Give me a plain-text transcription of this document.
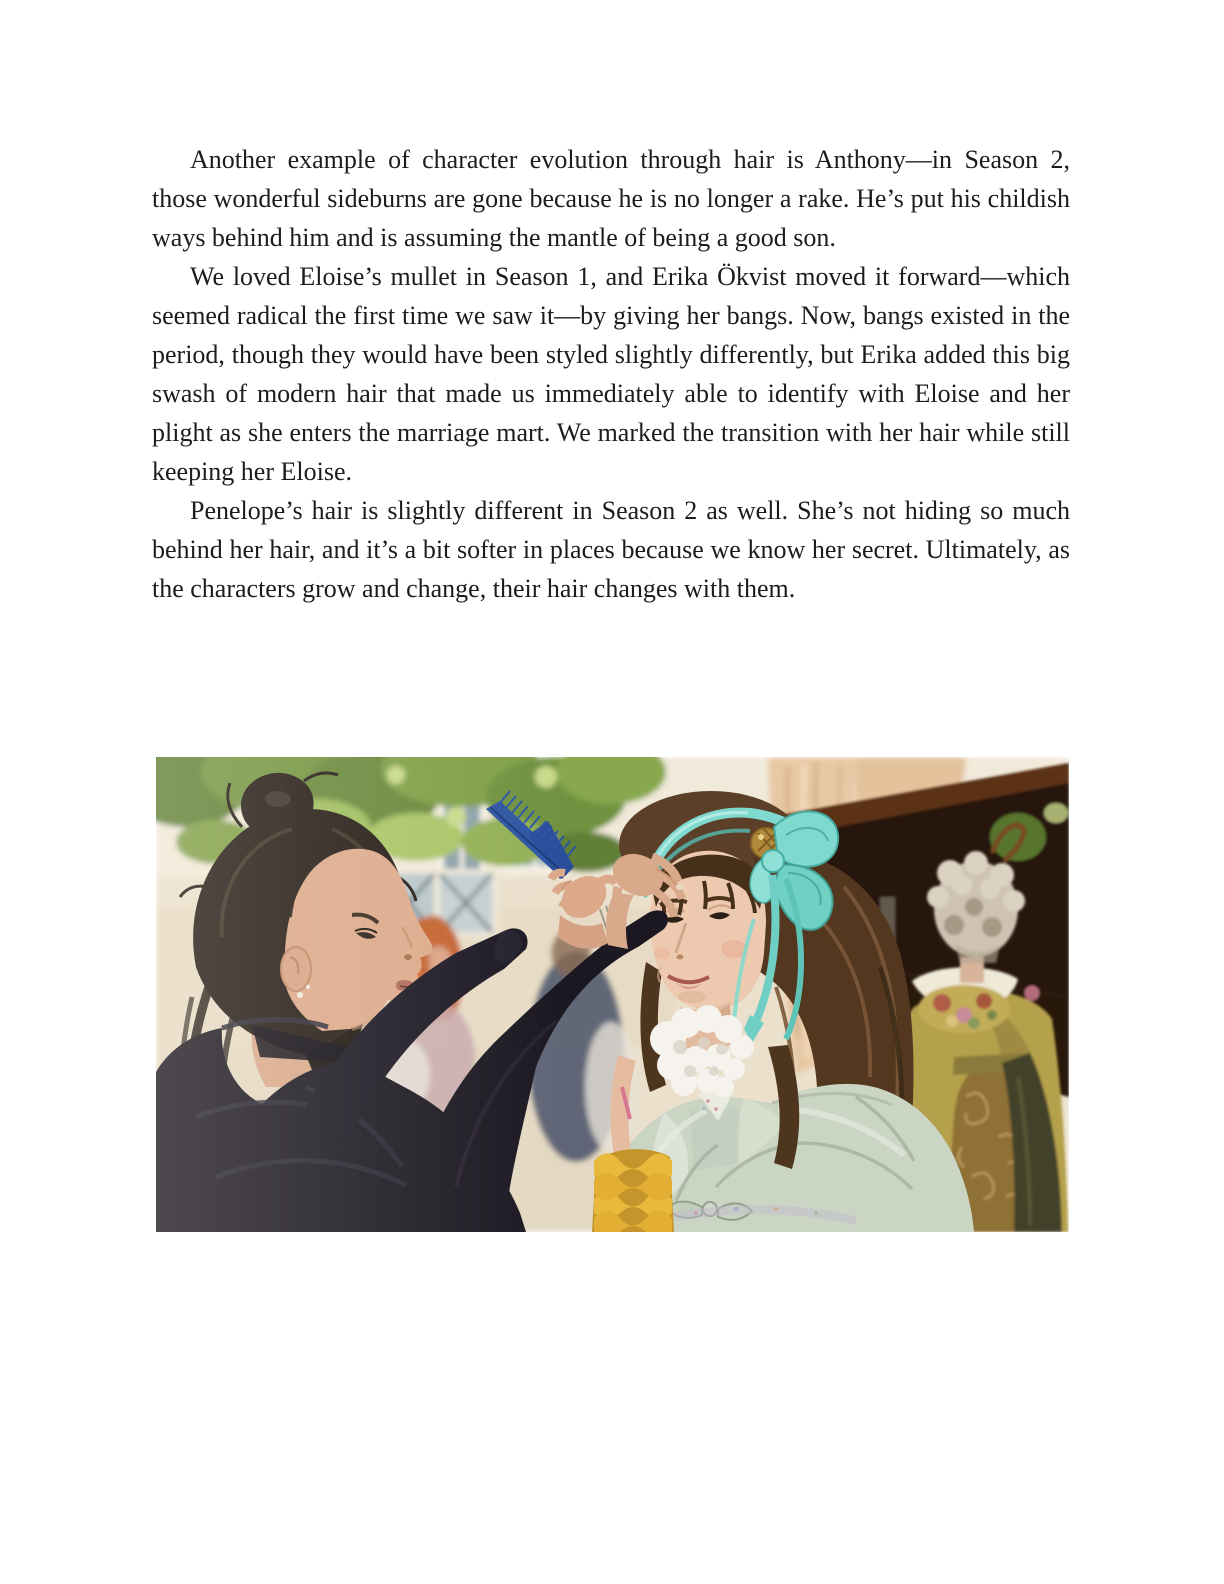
Another example of character evolution through hair is Anthony—in Season 2, those wonderful sideburns are gone because he is no longer a rake. He’s put his childish ways behind him and is assuming the mantle of being a good son.

We loved Eloise’s mullet in Season 1, and Erika Ökvist moved it forward—which seemed radical the first time we saw it—by giving her bangs. Now, bangs existed in the period, though they would have been styled slightly differently, but Erika added this big swash of modern hair that made us immediately able to identify with Eloise and her plight as she enters the marriage mart. We marked the transition with her hair while still keeping her Eloise.

Penelope’s hair is slightly different in Season 2 as well. She’s not hiding so much behind her hair, and it’s a bit softer in places because we know her secret. Ultimately, as the characters grow and change, their hair changes with them.
